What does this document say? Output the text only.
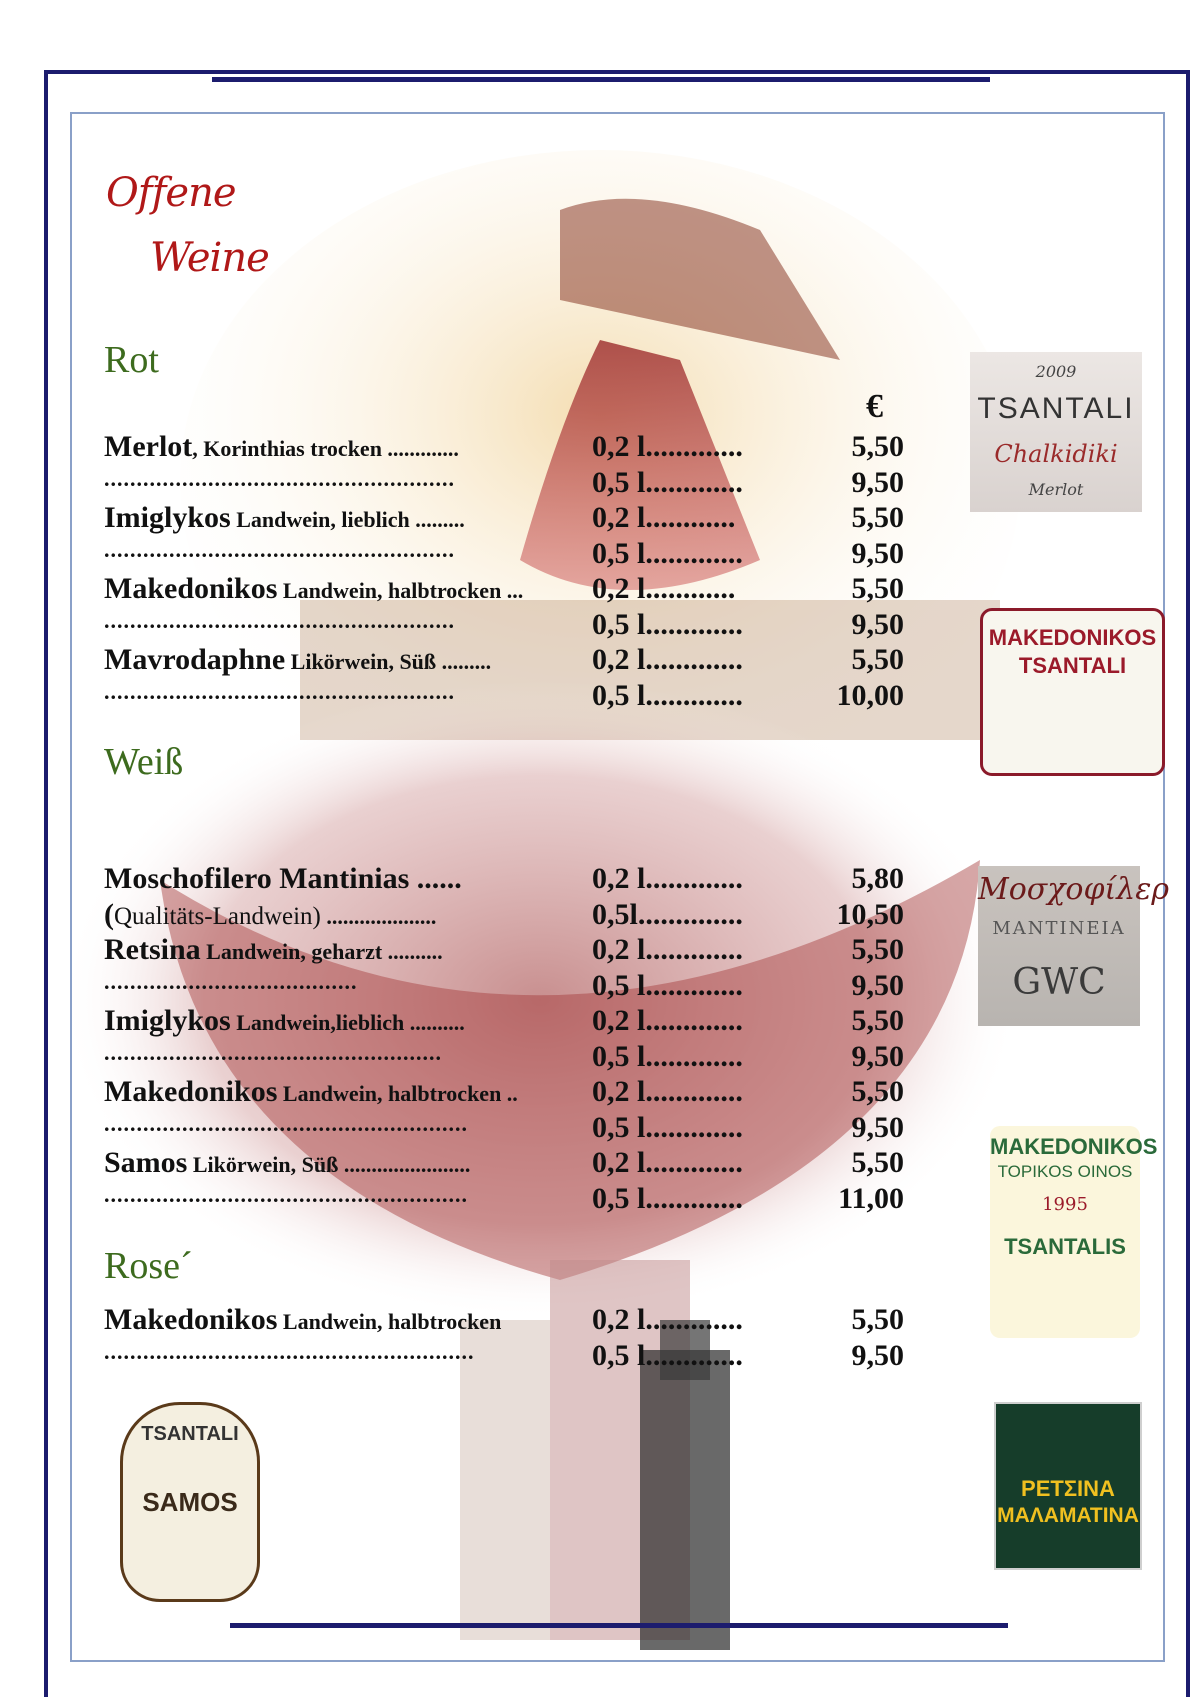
Offene
Weine
Rot
€
Merlot, Korinthias trocken .............	0,2 l.............	5,50
......................................................	0,5 l.............	9,50
Imiglykos Landwein, lieblich .........	0,2 l............	5,50
......................................................	0,5 l.............	9,50
Makedonikos Landwein, halbtrocken ... 0,2 l............	5,50
......................................................	0,5 l.............	9,50
Mavrodaphne Likörwein, Süß .........	0,2 l.............	5,50
......................................................	0,5 l.............	10,00
Weiß
Moschofilero Mantinias ......	0,2 l.............	5,80
(Qualitäts-Landwein) ....................	0,5l..............	10,50
Retsina Landwein, geharzt ..........	0,2 l.............	5,50
.......................................	0,5 l.............	9,50
Imiglykos Landwein,lieblich ..........	0,2 l.............	5,50
....................................................	0,5 l.............	9,50
Makedonikos Landwein, halbtrocken .. 0,2 l.............	5,50
........................................................	0,5 l.............	9,50
Samos Likörwein, Süß .......................	0,2 l.............	5,50
........................................................	0,5 l.............	11,00
Rose´
Makedonikos Landwein, halbtrocken	0,2 l.............	5,50
.........................................................	0,5 l.............	9,50
2009
TSANTALI
Chalkidiki
Merlot
MAKEDONIKOS
TSANTALI
Μοσχοφίλερ
MANTINEIA
GWC
MAKEDONIKOS
TOPIKOS OINOS
1995
TSANTALIS
ΡΕΤΣΙΝΑ
ΜΑΛΑΜΑΤΙΝΑ
TSANTALI
SAMOS
